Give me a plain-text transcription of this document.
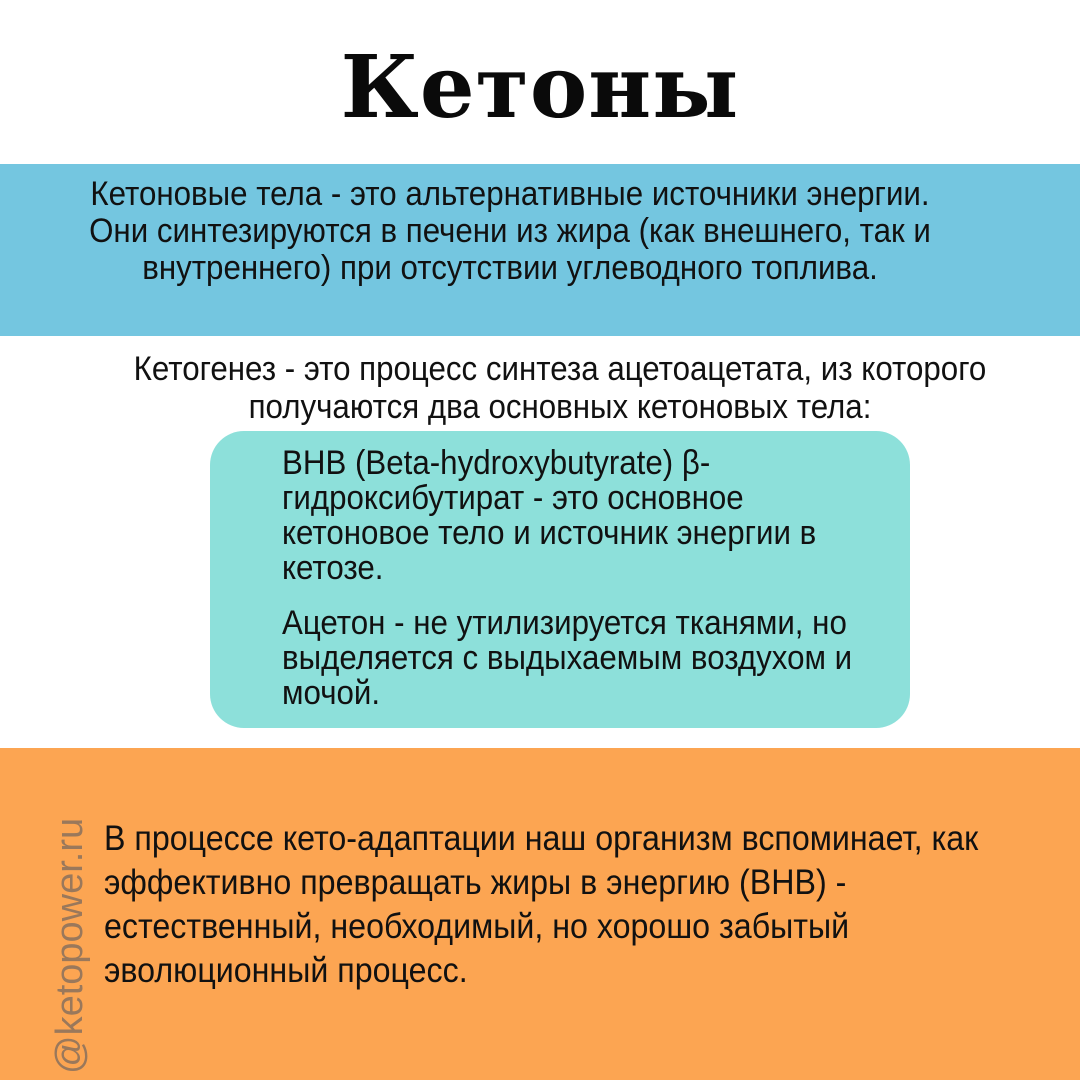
Кетоны
Кетоновые тела - это альтернативные источники энергии. Они синтезируются в печени из жира (как внешнего, так и внутреннего) при отсутствии углеводного топлива.
Кетогенез - это процесс синтеза ацетоацетата, из которого получаются два основных кетоновых тела:
BHB (Beta-hydroxybutyrate) β-гидроксибутират - это основное кетоновое тело и источник энергии в кетозе.
Ацетон - не утилизируется тканями, но выделяется с выдыхаемым воздухом и мочой.
В процессе кето-адаптации наш организм вспоминает, как эффективно превращать жиры в энергию (BHB) - естественный, необходимый, но хорошо забытый эволюционный процесс.
@ketopower.ru
